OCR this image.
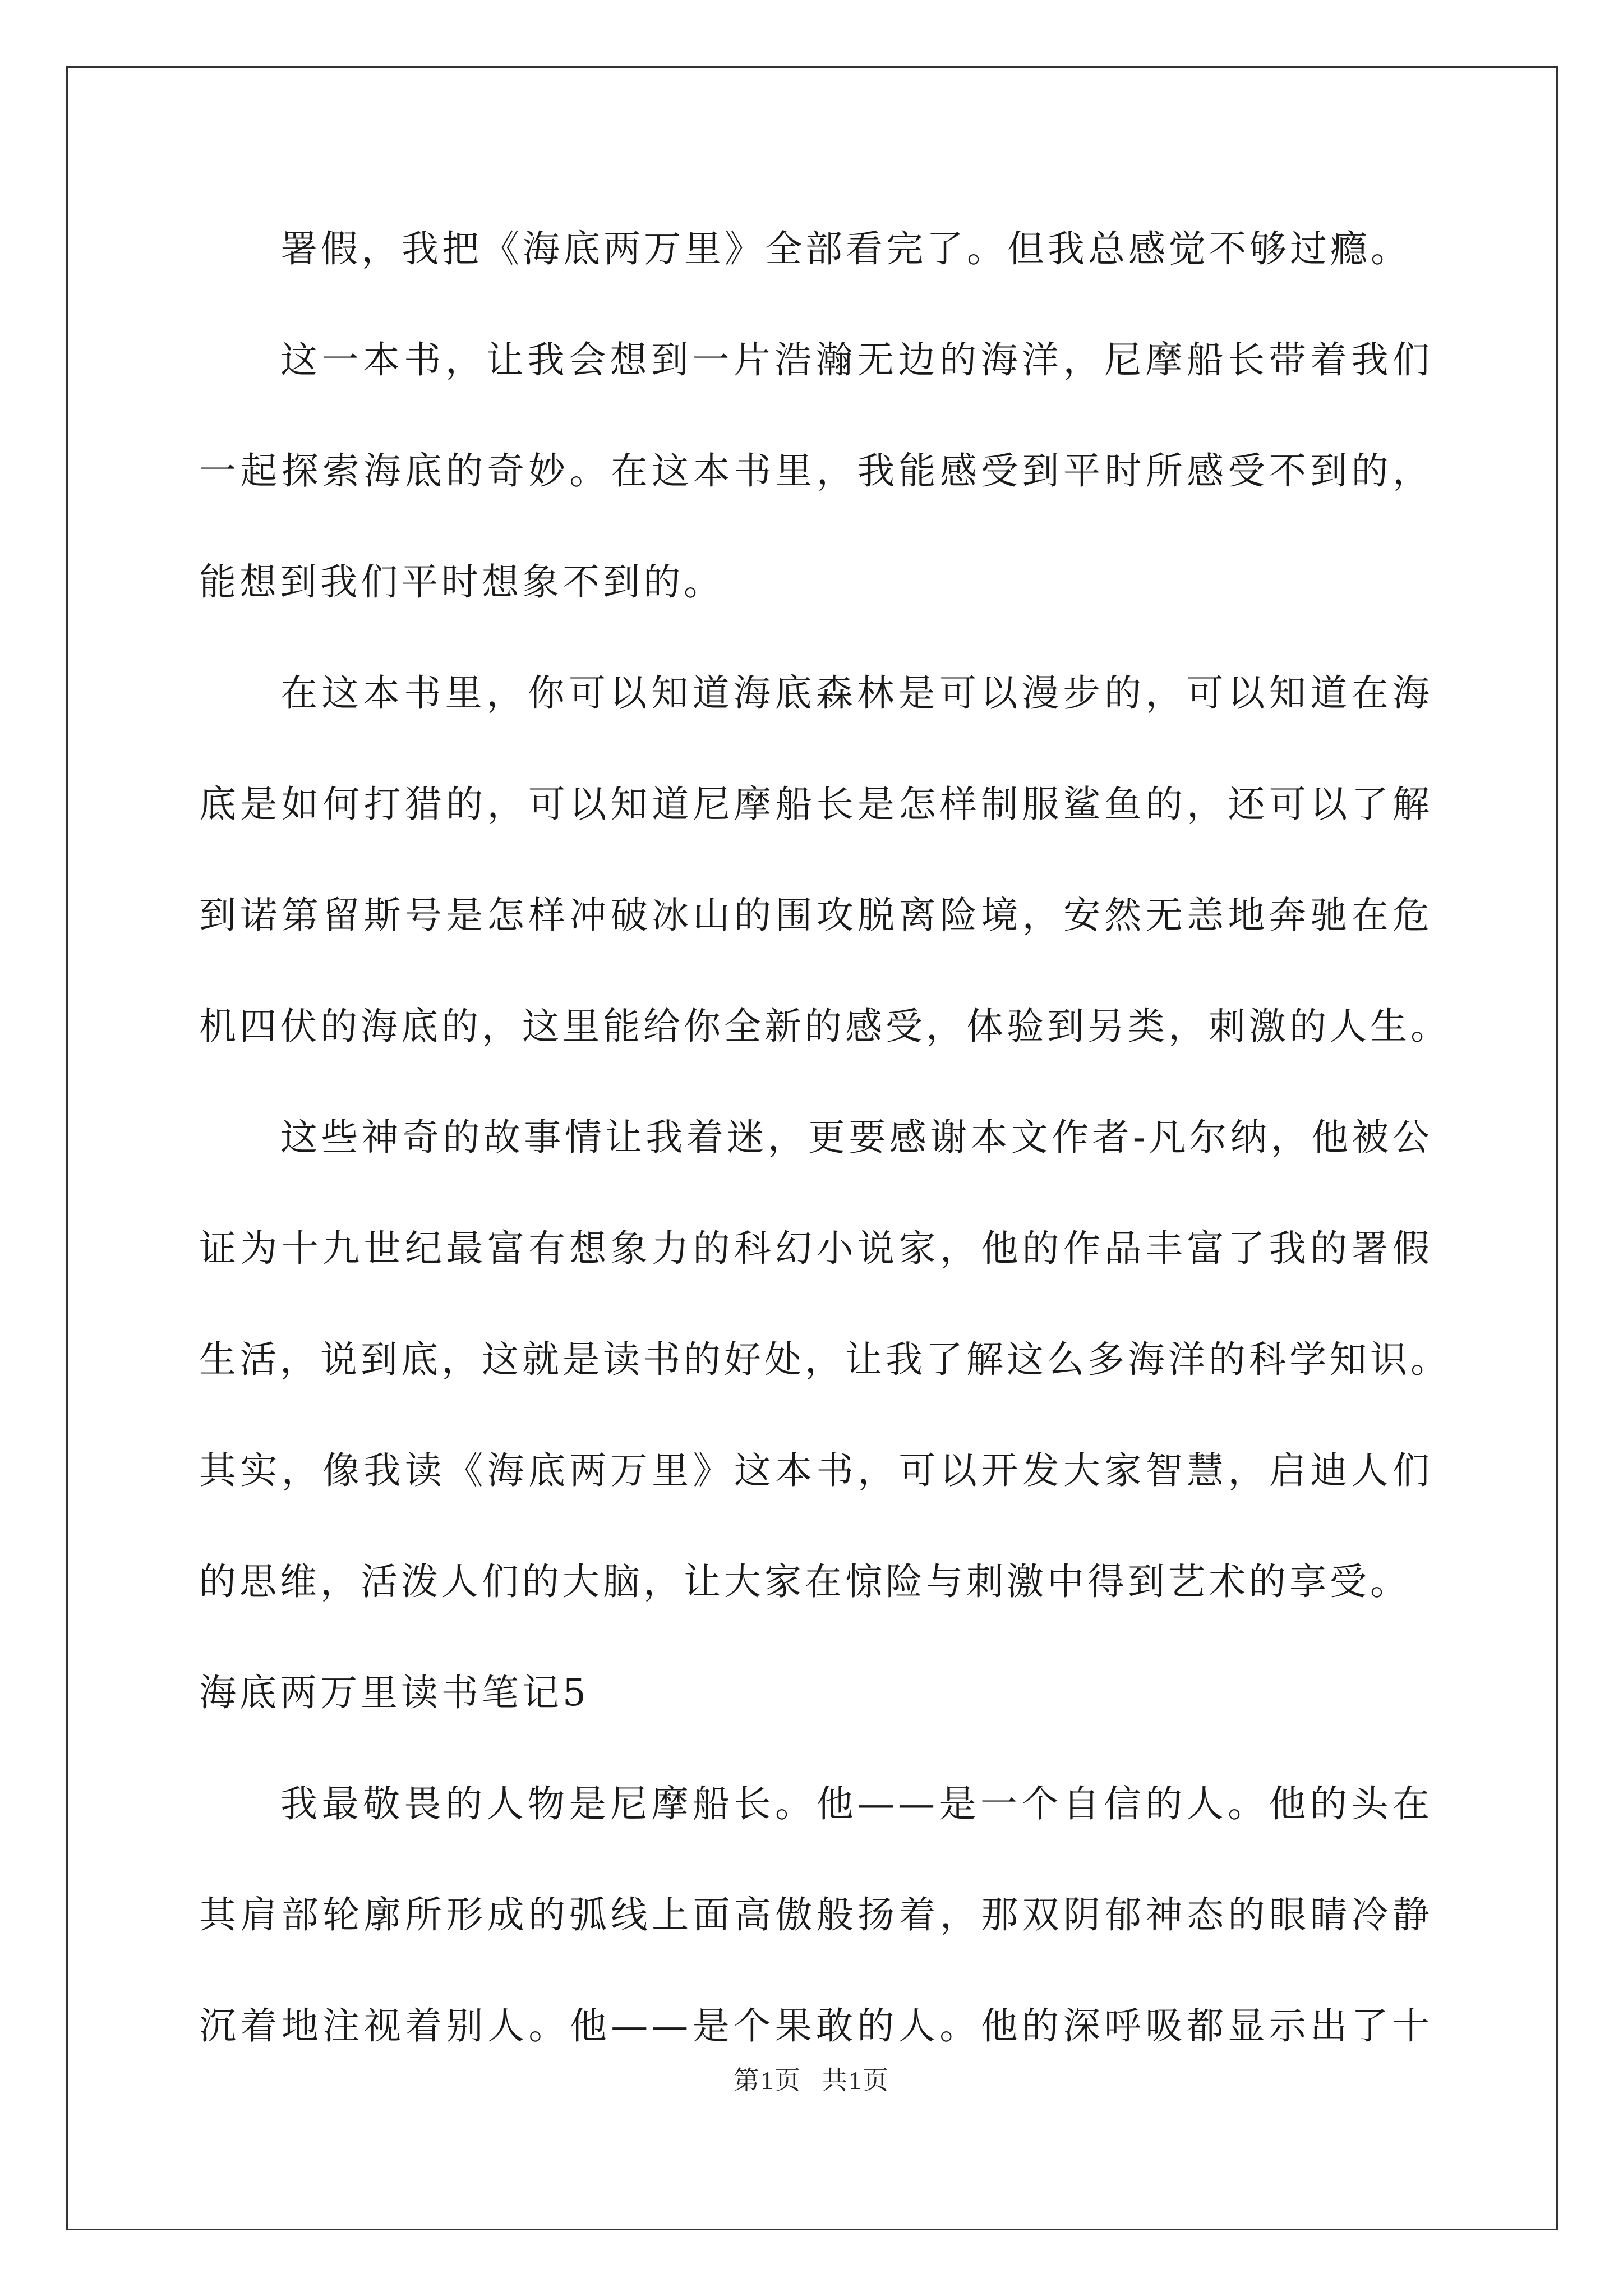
署假，我把《海底两万里》全部看完了。但我总感觉不够过瘾。
这一本书，让我会想到一片浩瀚无边的海洋，尼摩船长带着我们
一起探索海底的奇妙。在这本书里，我能感受到平时所感受不到的，
能想到我们平时想象不到的。
在这本书里，你可以知道海底森林是可以漫步的，可以知道在海
底是如何打猎的，可以知道尼摩船长是怎样制服鲨鱼的，还可以了解
到诺第留斯号是怎样冲破冰山的围攻脱离险境，安然无恙地奔驰在危
机四伏的海底的，这里能给你全新的感受，体验到另类，刺激的人生。
这些神奇的故事情让我着迷，更要感谢本文作者-凡尔纳，他被公
证为十九世纪最富有想象力的科幻小说家，他的作品丰富了我的署假
生活，说到底，这就是读书的好处，让我了解这么多海洋的科学知识。
其实，像我读《海底两万里》这本书，可以开发大家智慧，启迪人们
的思维，活泼人们的大脑，让大家在惊险与刺激中得到艺术的享受。
海底两万里读书笔记5
我最敬畏的人物是尼摩船长。他——是一个自信的人。他的头在
其肩部轮廓所形成的弧线上面高傲般扬着，那双阴郁神态的眼睛冷静
沉着地注视着别人。他——是个果敢的人。他的深呼吸都显示出了十
第1页 共1页
